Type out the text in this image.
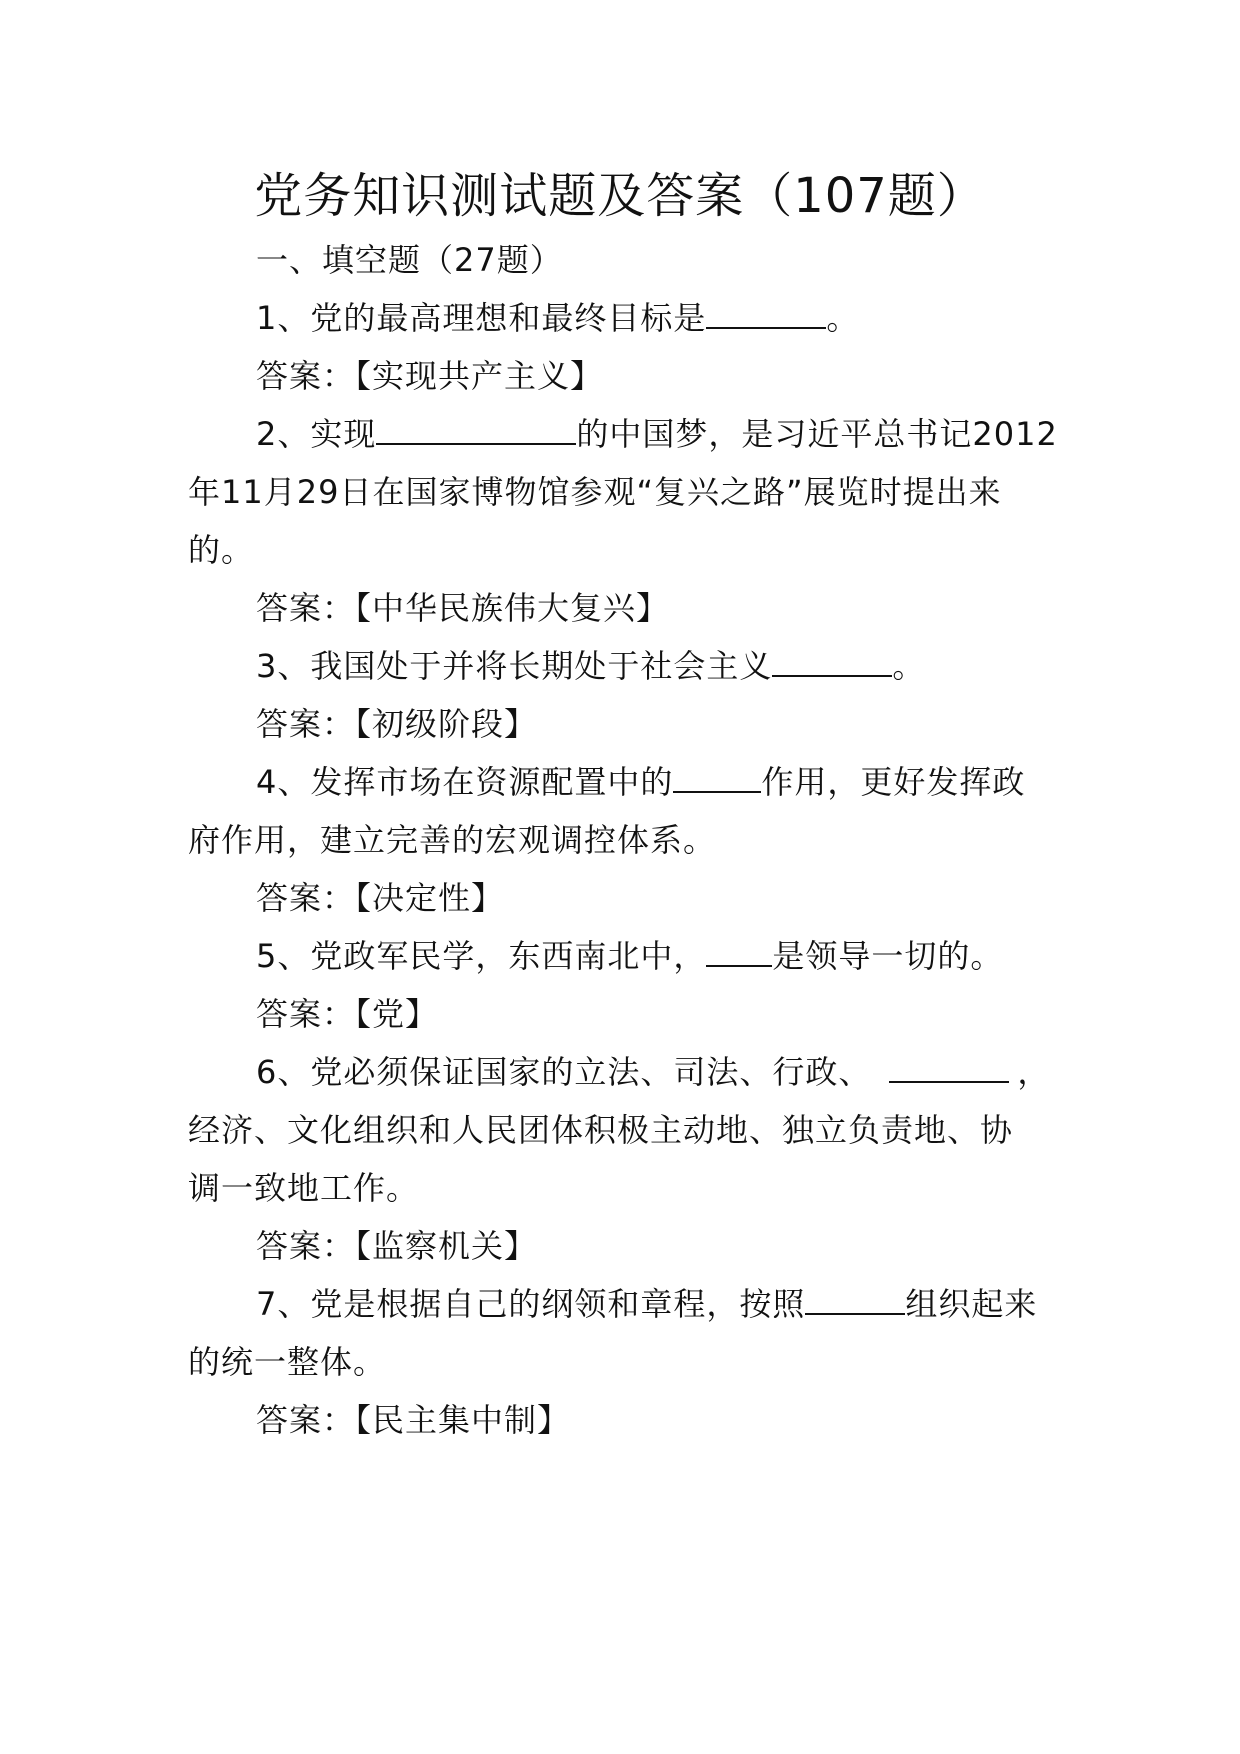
党务知识测试题及答案（107题）
一、填空题（27题）
1、党的最高理想和最终目标是	。
答案：【实现共产主义】
2、实现	的中国梦，是习近平总书记2012
年11月29日在国家博物馆参观“复兴之路”展览时提出来
的。
答案：【中华民族伟大复兴】
3、我国处于并将长期处于社会主义	。
答案：【初级阶段】
4、发挥市场在资源配置中的	作用，更好发挥政
府作用，建立完善的宏观调控体系。
答案：【决定性】
5、党政军民学，东西南北中， 是领导一切的。
答案：【党】
6、党必须保证国家的立法、司法、行政、	，
经济、文化组织和人民团体积极主动地、独立负责地、协
调一致地工作。
答案：【监察机关】
7、党是根据自己的纲领和章程，按照	组织起来
的统一整体。
答案：【民主集中制】
